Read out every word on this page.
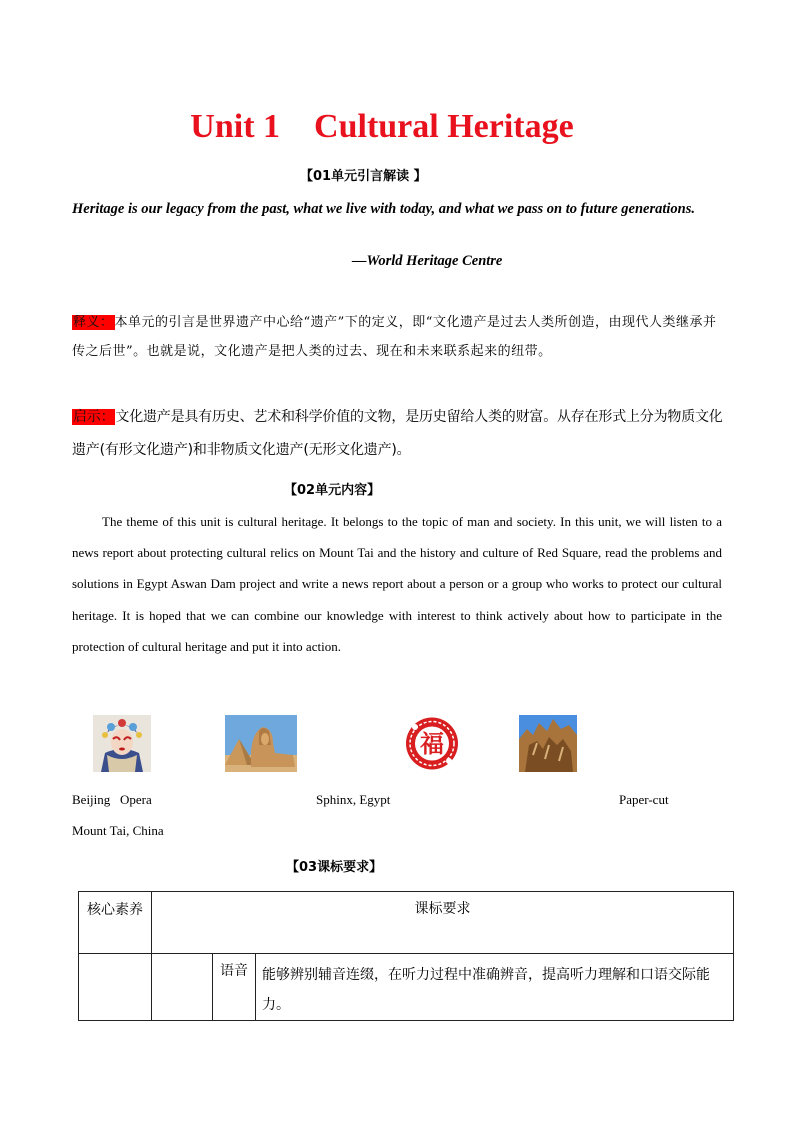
Unit 1    Cultural Heritage
【01单元引言解读 】
Heritage is our legacy from the past, what we live with today, and what we pass on to future generations.
—World Heritage Centre
释义：本单元的引言是世界遗产中心给“遗产”下的定义，即“文化遗产是过去人类所创造，由现代人类继承并传之后世”。也就是说，文化遗产是把人类的过去、现在和未来联系起来的纽带。
启示：文化遗产是具有历史、艺术和科学价值的文物，是历史留给人类的财富。从存在形式上分为物质文化遗产(有形文化遗产)和非物质文化遗产(无形文化遗产)。
【02单元内容】
The theme of this unit is cultural heritage. It belongs to the topic of man and society. In this unit, we will listen to a news report about protecting cultural relics on Mount Tai and the history and culture of Red Square, read the problems and solutions in Egypt Aswan Dam project and write a news report about a person or a group who works to protect our cultural heritage. It is hoped that we can combine our knowledge with interest to think actively about how to participate in the protection of cultural heritage and put it into action.
福
Beijing   Opera	Sphinx, Egypt	Paper-cut
Mount Tai, China
【03课标要求】
核心素养	课标要求		
		语音	能够辨别辅音连缀，在听力过程中准确辨音，提高听力理解和口语交际能力。
